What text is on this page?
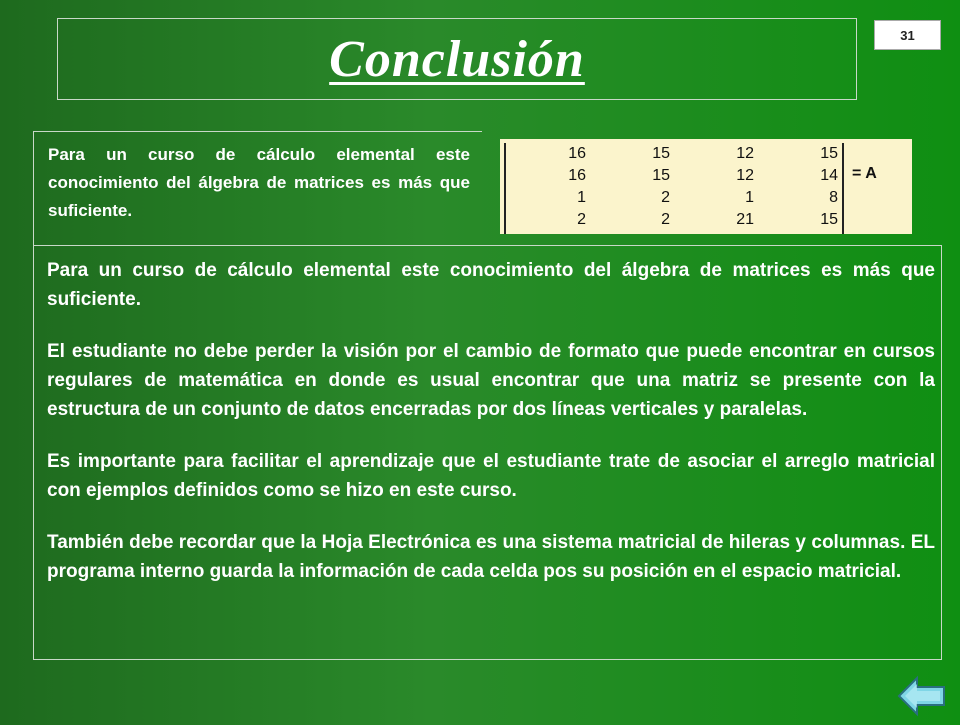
Conclusión	31
Para un curso de cálculo elemental este conocimiento del álgebra de matrices es más que suficiente.
16	15	12	15
16	15	12	14
1	2	1	8
2	2	21	15
= A

Para un curso de cálculo elemental este conocimiento del álgebra de matrices es más que suficiente.

El estudiante no debe perder la visión por el cambio de formato que puede encontrar en cursos regulares de matemática en donde es usual encontrar que una matriz se presente con la estructura de un conjunto de datos encerradas por dos líneas verticales y paralelas.

Es importante para facilitar el aprendizaje que el estudiante trate de asociar el arreglo matricial con ejemplos definidos como se hizo en este curso.

También debe recordar que la Hoja Electrónica es una sistema matricial de hileras y columnas. EL programa interno guarda la información de cada celda pos su posición en el espacio matricial.
